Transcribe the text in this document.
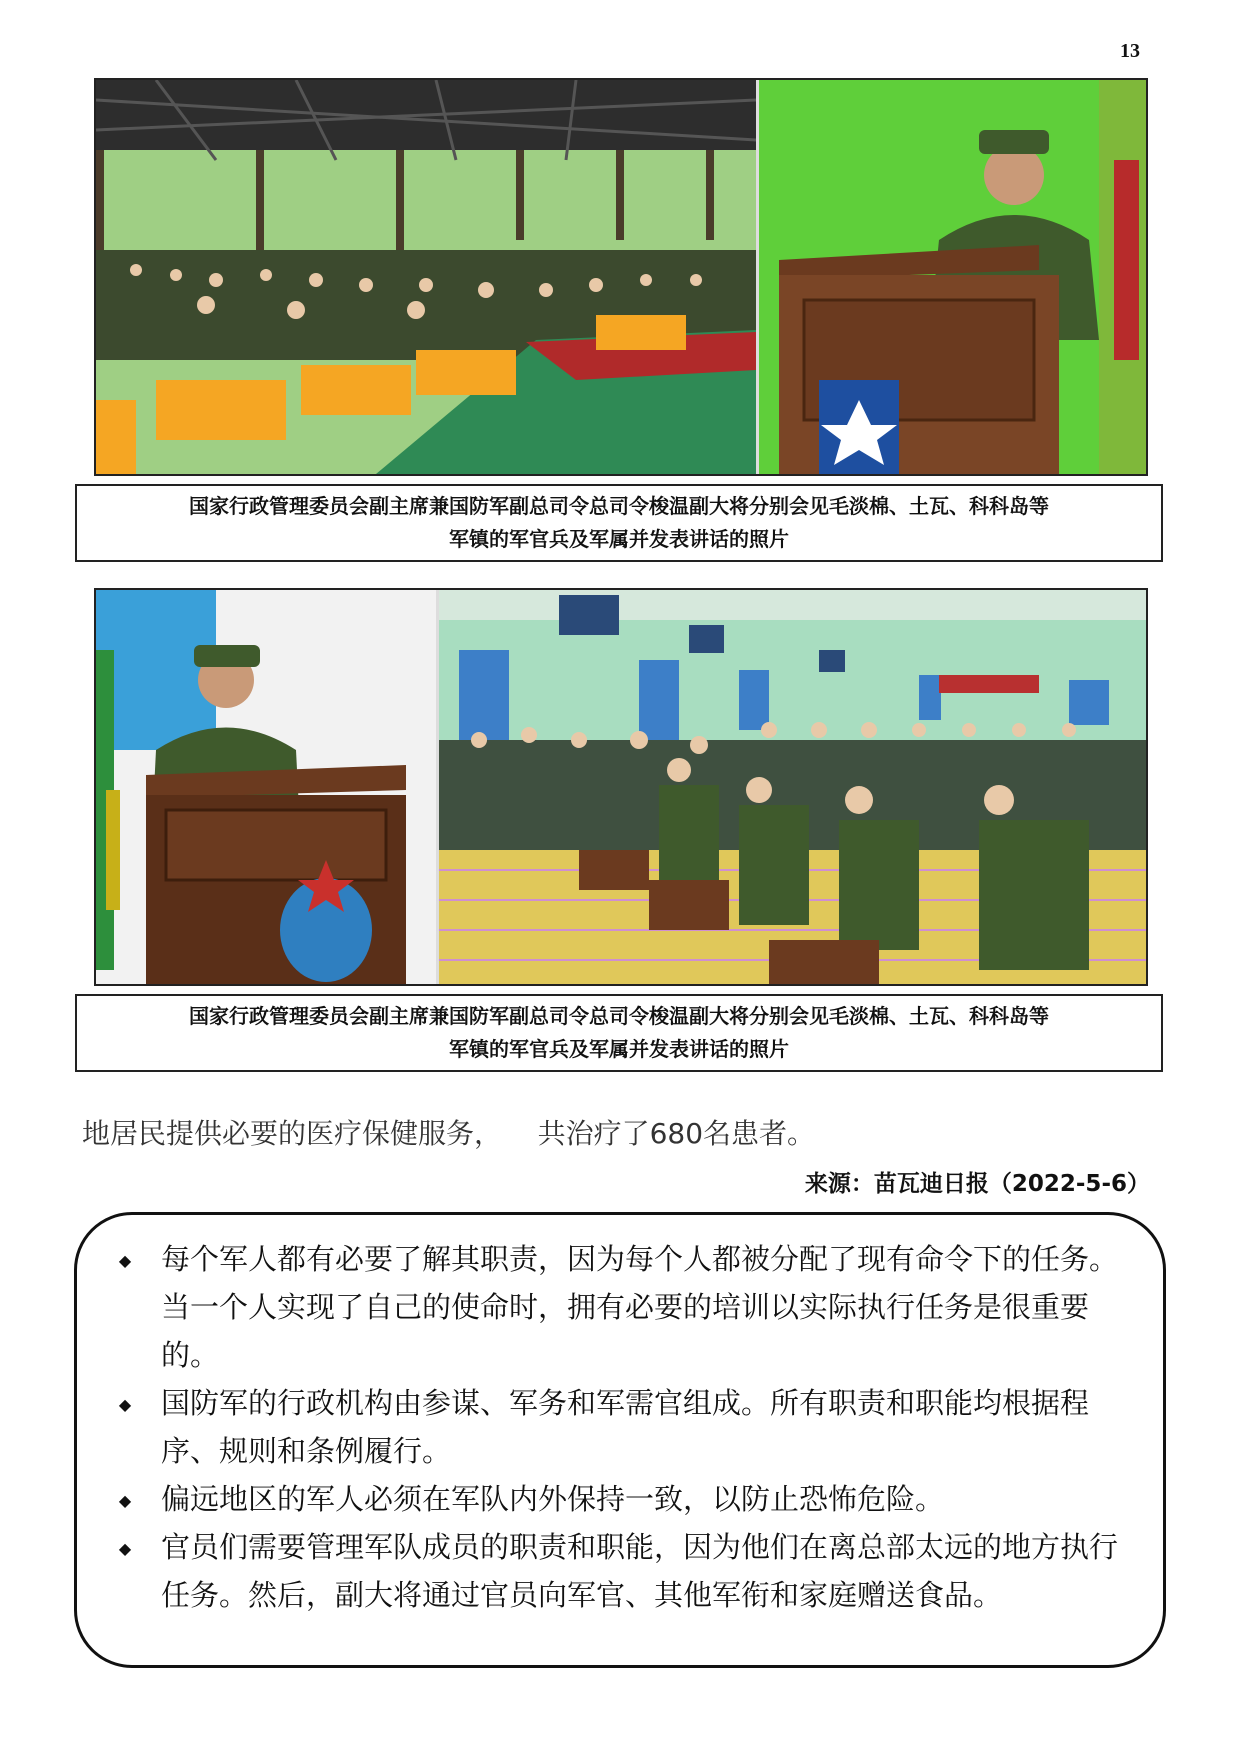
13
国家行政管理委员会副主席兼国防军副总司令总司令梭温副大将分别会见毛淡棉、土瓦、科科岛等
军镇的军官兵及军属并发表讲话的照片
国家行政管理委员会副主席兼国防军副总司令总司令梭温副大将分别会见毛淡棉、土瓦、科科岛等
军镇的军官兵及军属并发表讲话的照片
地居民提供必要的医疗保健服务，    共治疗了680名患者。
来源：苗瓦迪日报（2022-5-6）
◆	每个军人都有必要了解其职责，因为每个人都被分配了现有命令下的任务。当一个人实现了自己的使命时，拥有必要的培训以实际执行任务是很重要的。
◆	国防军的行政机构由参谋、军务和军需官组成。所有职责和职能均根据程序、规则和条例履行。
◆	偏远地区的军人必须在军队内外保持一致，以防止恐怖危险。
◆	官员们需要管理军队成员的职责和职能，因为他们在离总部太远的地方执行任务。然后，副大将通过官员向军官、其他军衔和家庭赠送食品。
